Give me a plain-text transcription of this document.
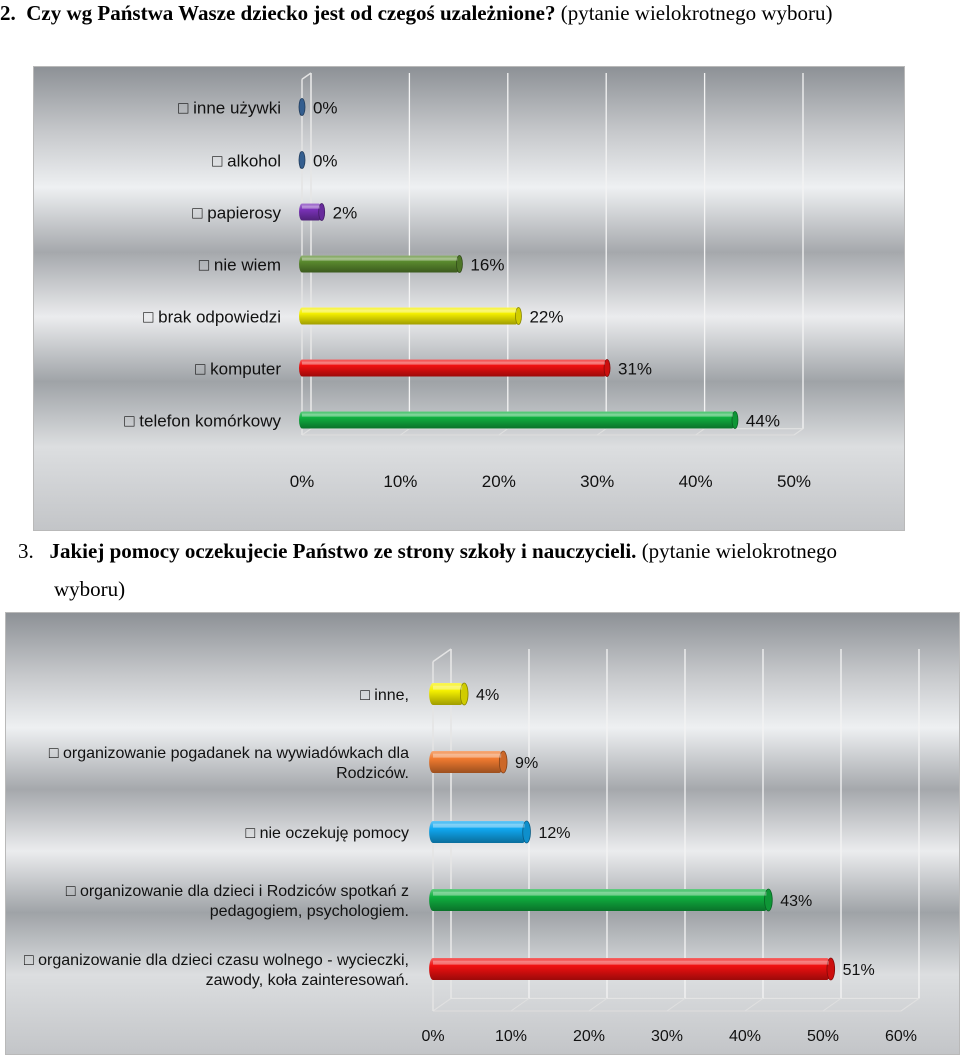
2. Czy wg Państwa Wasze dziecko jest od czegoś uzależnione? (pytanie wielokrotnego wyboru)
0%	10%	20%	30%	40%	50%
0%
□ inne używki
0%
□ alkohol
2%
□ papierosy
16%
□ nie wiem
22%
□ brak odpowiedzi
31%
□ komputer
44%
□ telefon komórkowy
3. Jakiej pomocy oczekujecie Państwo ze strony szkoły i nauczycieli. (pytanie wielokrotnego
wyboru)
0%	10%	20%	30%	40%	50%	60%
4%
□ inne,
9%
□ organizowanie pogadanek na wywiadówkach dla
Rodziców.
12%
□ nie oczekuję pomocy
43%
□ organizowanie dla dzieci i Rodziców spotkań z
pedagogiem, psychologiem.
51%
□ organizowanie dla dzieci czasu wolnego - wycieczki,
zawody, koła zainteresowań.
